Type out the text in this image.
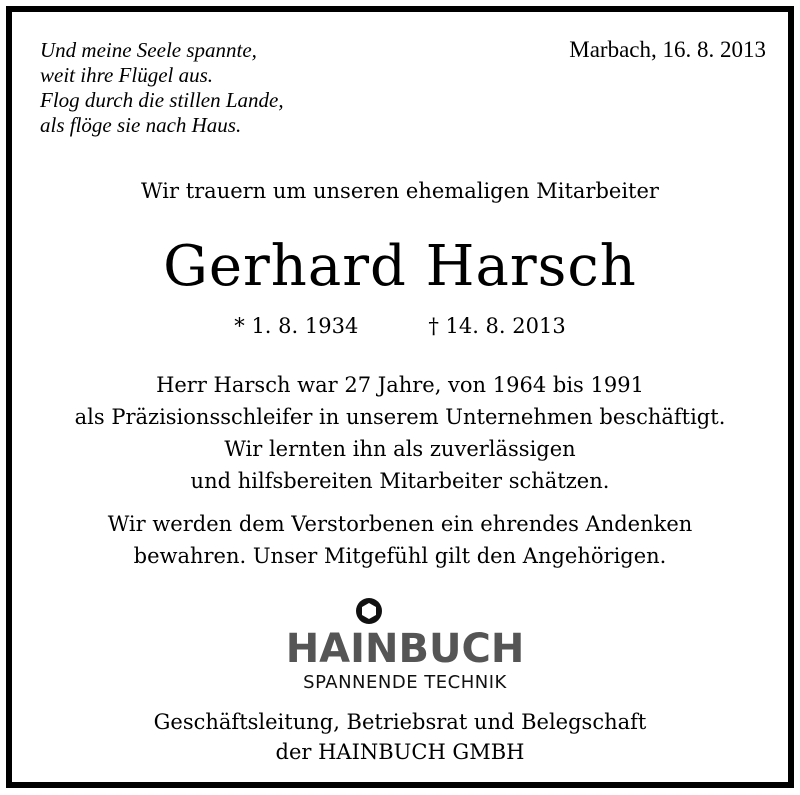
Und meine Seele spannte,
weit ihre Flügel aus.
Flog durch die stillen Lande,
als flöge sie nach Haus.
Marbach, 16. 8. 2013
Wir trauern um unseren ehemaligen Mitarbeiter
Gerhard Harsch
* 1. 8. 1934	† 14. 8. 2013
Herr Harsch war 27 Jahre, von 1964 bis 1991
als Präzisionsschleifer in unserem Unternehmen beschäftigt.
Wir lernten ihn als zuverlässigen
und hilfsbereiten Mitarbeiter schätzen.
Wir werden dem Verstorbenen ein ehrendes Andenken
bewahren. Unser Mitgefühl gilt den Angehörigen.
HAINBUCH
SPANNENDE TECHNIK
Geschäftsleitung, Betriebsrat und Belegschaft
der HAINBUCH GMBH
